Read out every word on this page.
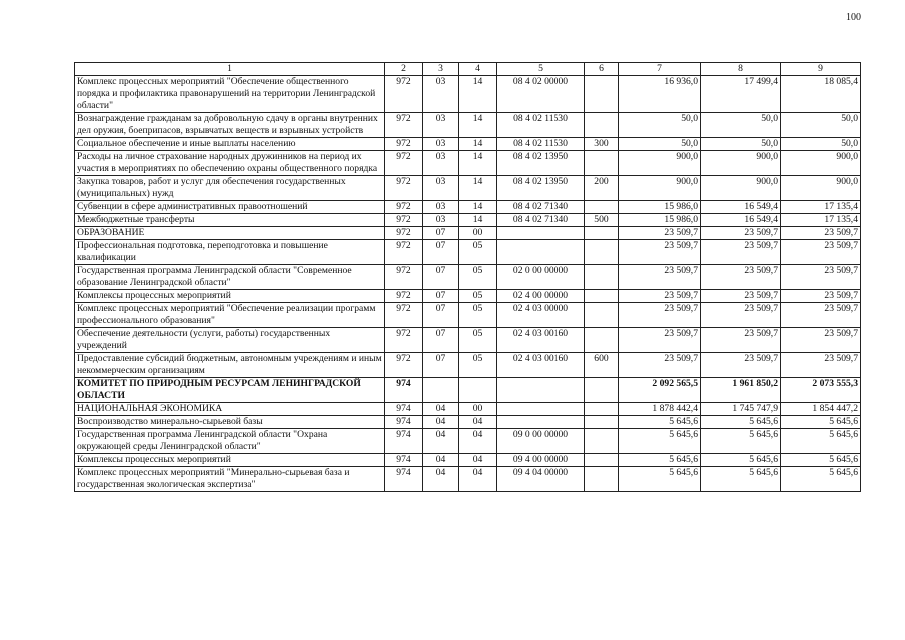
100
1	2	3	4	5	6	7	8	9
Комплекс процессных мероприятий "Обеспечение общественного порядка и профилактика правонарушений на территории Ленинградской области"	972	03	14	08 4 02 00000		16 936,0	17 499,4	18 085,4
Вознаграждение гражданам за добровольную сдачу в органы внутренних дел оружия, боеприпасов, взрывчатых веществ и взрывных устройств	972	03	14	08 4 02 11530		50,0	50,0	50,0
Социальное обеспечение и иные выплаты населению	972	03	14	08 4 02 11530	300	50,0	50,0	50,0
Расходы на личное страхование народных дружинников на период их участия в мероприятиях по обеспечению охраны общественного порядка	972	03	14	08 4 02 13950		900,0	900,0	900,0
Закупка товаров, работ и услуг для обеспечения государственных (муниципальных) нужд	972	03	14	08 4 02 13950	200	900,0	900,0	900,0
Субвенции в сфере административных правоотношений	972	03	14	08 4 02 71340		15 986,0	16 549,4	17 135,4
Межбюджетные трансферты	972	03	14	08 4 02 71340	500	15 986,0	16 549,4	17 135,4
ОБРАЗОВАНИЕ	972	07	00			23 509,7	23 509,7	23 509,7
Профессиональная подготовка, переподготовка и повышение квалификации	972	07	05			23 509,7	23 509,7	23 509,7
Государственная программа Ленинградской области "Современное образование Ленинградской области"	972	07	05	02 0 00 00000		23 509,7	23 509,7	23 509,7
Комплексы процессных мероприятий	972	07	05	02 4 00 00000		23 509,7	23 509,7	23 509,7
Комплекс процессных мероприятий "Обеспечение реализации программ профессионального образования"	972	07	05	02 4 03 00000		23 509,7	23 509,7	23 509,7
Обеспечение деятельности (услуги, работы) государственных учреждений	972	07	05	02 4 03 00160		23 509,7	23 509,7	23 509,7
Предоставление субсидий бюджетным, автономным учреждениям и иным некоммерческим организациям	972	07	05	02 4 03 00160	600	23 509,7	23 509,7	23 509,7
КОМИТЕТ ПО ПРИРОДНЫМ РЕСУРСАМ ЛЕНИНГРАДСКОЙ ОБЛАСТИ	974					2 092 565,5	1 961 850,2	2 073 555,3
НАЦИОНАЛЬНАЯ ЭКОНОМИКА	974	04	00			1 878 442,4	1 745 747,9	1 854 447,2
Воспроизводство минерально-сырьевой базы	974	04	04			5 645,6	5 645,6	5 645,6
Государственная программа Ленинградской области "Охрана окружающей среды Ленинградской области"	974	04	04	09 0 00 00000		5 645,6	5 645,6	5 645,6
Комплексы процессных мероприятий	974	04	04	09 4 00 00000		5 645,6	5 645,6	5 645,6
Комплекс процессных мероприятий "Минерально-сырьевая база и государственная экологическая экспертиза"	974	04	04	09 4 04 00000		5 645,6	5 645,6	5 645,6
